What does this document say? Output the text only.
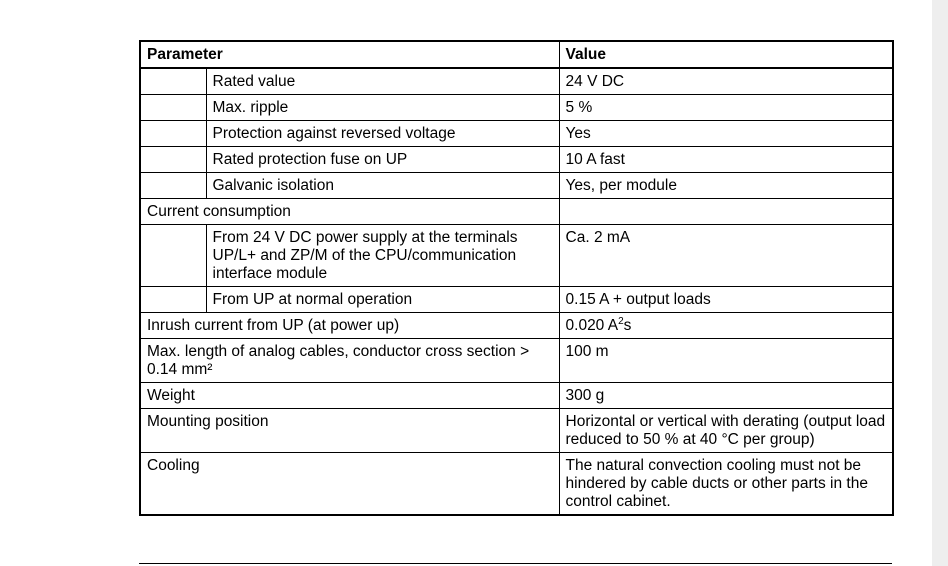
Parameter		Value
	Rated value	24 V DC
	Max. ripple	5 %
	Protection against reversed voltage	Yes
	Rated protection fuse on UP	10 A fast
	Galvanic isolation	Yes, per module
Current consumption		
	From 24 V DC power supply at the terminals UP/L+ and ZP/M of the CPU/communication interface module	Ca. 2 mA
	From UP at normal operation	0.15 A + output loads
Inrush current from UP (at power up)		0.020 $A^2s$
Max. length of analog cables, conductor cross section > 0.14 mm²		100 m
Weight		300 g
Mounting position		Horizontal or vertical with derating (output load reduced to 50 % at 40 °C per group)
Cooling		The natural convection cooling must not be hindered by cable ducts or other parts in the control cabinet.
